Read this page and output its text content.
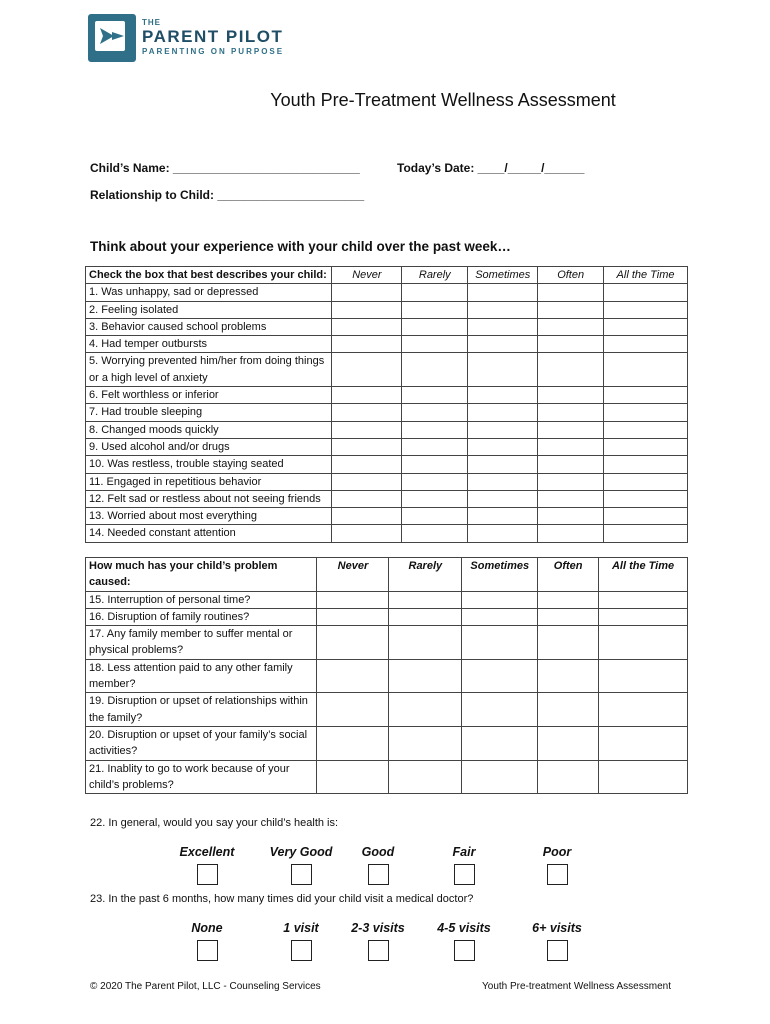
THE
PARENT PILOT
PARENTING ON PURPOSE
Youth Pre-Treatment Wellness Assessment
Child’s Name: ____________________________	Today’s Date: ____/_____/______
Relationship to Child: ______________________
Think about your experience with your child over the past week…
Check the box that best describes your child:	Never	Rarely	Sometimes	Often	All the Time
1. Was unhappy, sad or depressed					
2. Feeling isolated					
3. Behavior caused school problems					
4. Had temper outbursts					
5. Worrying prevented him/her from doing things or a high level of anxiety					
6. Felt worthless or inferior					
7. Had trouble sleeping					
8. Changed moods quickly					
9. Used alcohol and/or drugs					
10. Was restless, trouble staying seated					
11. Engaged in repetitious behavior					
12. Felt sad or restless about not seeing friends					
13. Worried about most everything					
14. Needed constant attention					
How much has your child’s problem caused:	Never	Rarely	Sometimes	Often	All the Time
15. Interruption of personal time?					
16. Disruption of family routines?					
17. Any family member to suffer mental or physical problems?					
18. Less attention paid to any other family member?					
19. Disruption or upset of relationships within the family?					
20. Disruption or upset of your family’s social activities?					
21. Inablity to go to work because of your child’s problems?					
22. In general, would you say your child’s health is:
Excellent	Very Good	Good	Fair	Poor
23. In the past 6 months, how many times did your child visit a medical doctor?
None	1 visit	2-3 visits	4-5 visits	6+ visits
© 2020 The Parent Pilot, LLC - Counseling Services	Youth Pre-treatment Wellness Assessment
